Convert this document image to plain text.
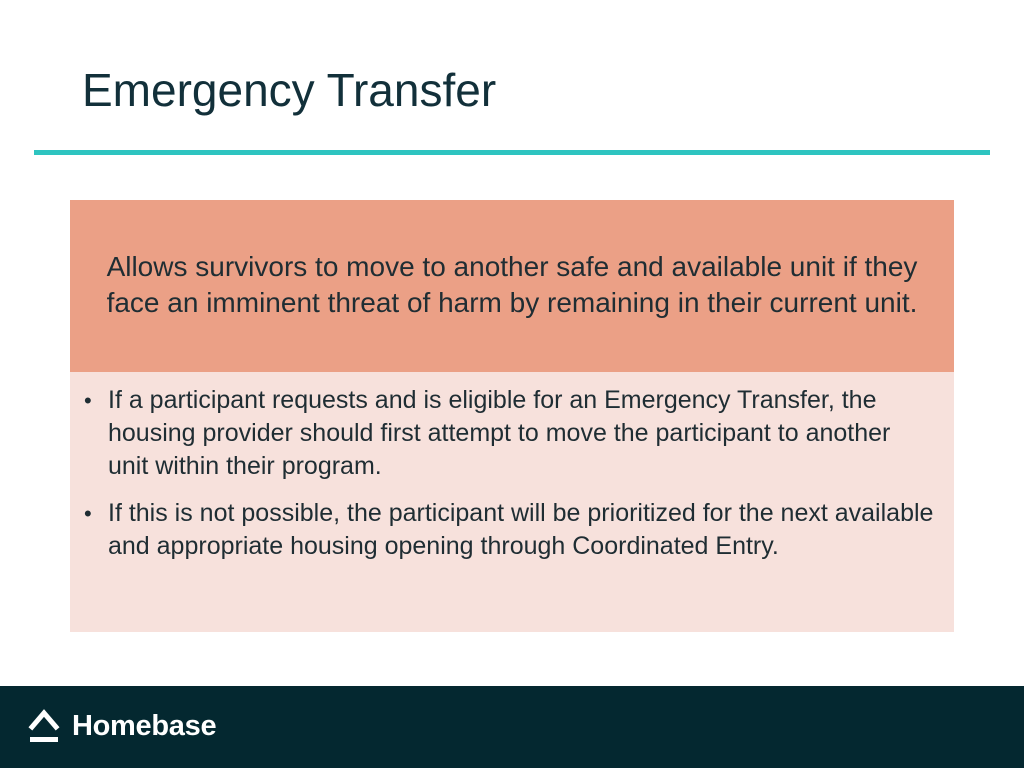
Emergency Transfer

Allows survivors to move to another safe and available unit if they face an imminent threat of harm by remaining in their current unit.

• If a participant requests and is eligible for an Emergency Transfer, the housing provider should first attempt to move the participant to another unit within their program.
• If this is not possible, the participant will be prioritized for the next available and appropriate housing opening through Coordinated Entry.
Homebase
